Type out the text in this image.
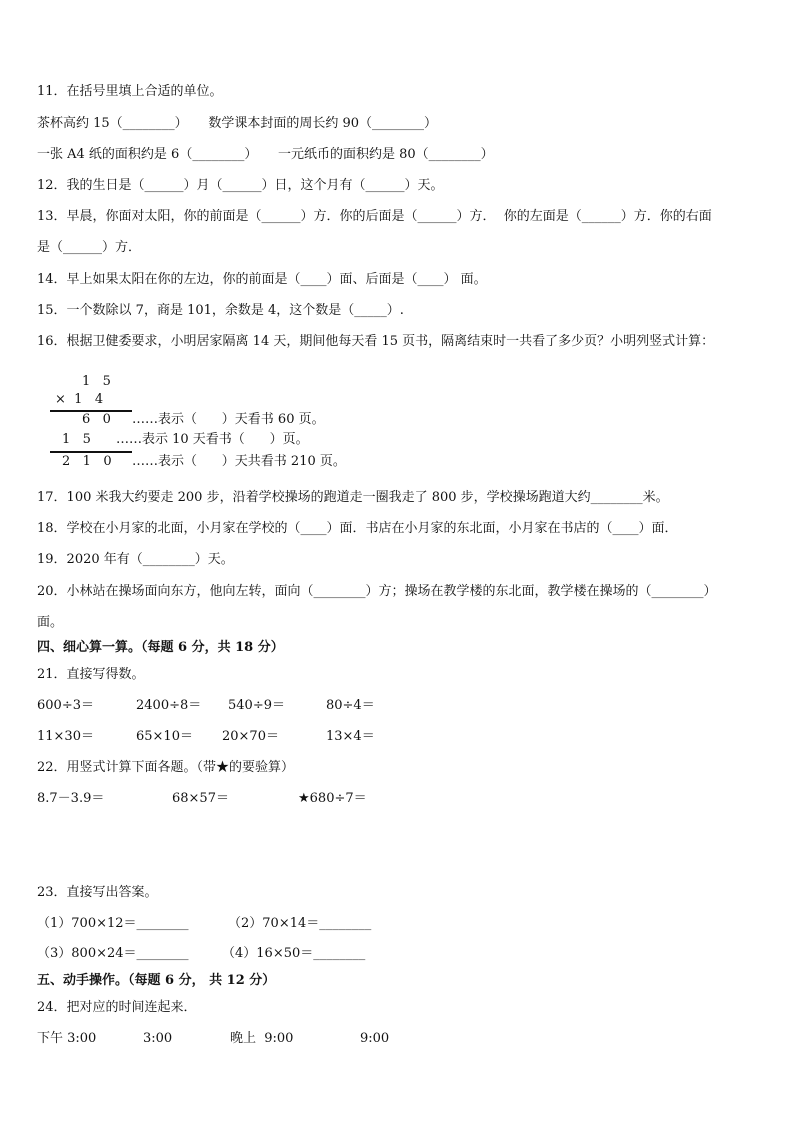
11．在括号里填上合适的单位。
茶杯高约 15（________）     数学课本封面的周长约 90（________）
一张 A4 纸的面积约是 6（________）     一元纸币的面积约是 80（________）
12．我的生日是（______）月（______）日，这个月有（______）天。
13．早晨，你面对太阳，你的前面是（______）方．你的后面是（______）方．  你的左面是（______）方．你的右面
是（______）方．
14．早上如果太阳在你的左边，你的前面是（____）面、后面是（____） 面。
15．一个数除以 7，商是 101，余数是 4，这个数是（_____）.
16．根据卫健委要求，小明居家隔离 14 天，期间他每天看 15 页书，隔离结束时一共看了多少页？小明列竖式计算：
1   5
×  1   4
6   0 ……表示（      ）天看书 60 页。
1   5 ……表示 10 天看书（      ）页。
2   1   0 ……表示（      ）天共看书 210 页。
17．100 米我大约要走 200 步，沿着学校操场的跑道走一圈我走了 800 步，学校操场跑道大约________米。
18．学校在小月家的北面，小月家在学校的（____）面．书店在小月家的东北面，小月家在书店的（____）面．
19．2020 年有（________）天。
20．小林站在操场面向东方，他向左转，面向（________）方；操场在教学楼的东北面，教学楼在操场的（________）
面。
四、细心算一算。（每题 6 分，共 18 分）
21．直接写得数。
600÷3＝	2400÷8＝ 540÷9＝	80÷4＝
11×30＝	65×10＝ 20×70＝	13×4＝
22．用竖式计算下面各题。（带★的要验算）
8.7－3.9＝	68×57＝	★680÷7＝
23．直接写出答案。
（1）700×12＝________	（2）70×14＝________
（3）800×24＝________	（4）16×50＝________
五、动手操作。（每题 6 分， 共 12 分）
24．把对应的时间连起来．
下午 3:00	3:00	晚上  9:00	9:00
